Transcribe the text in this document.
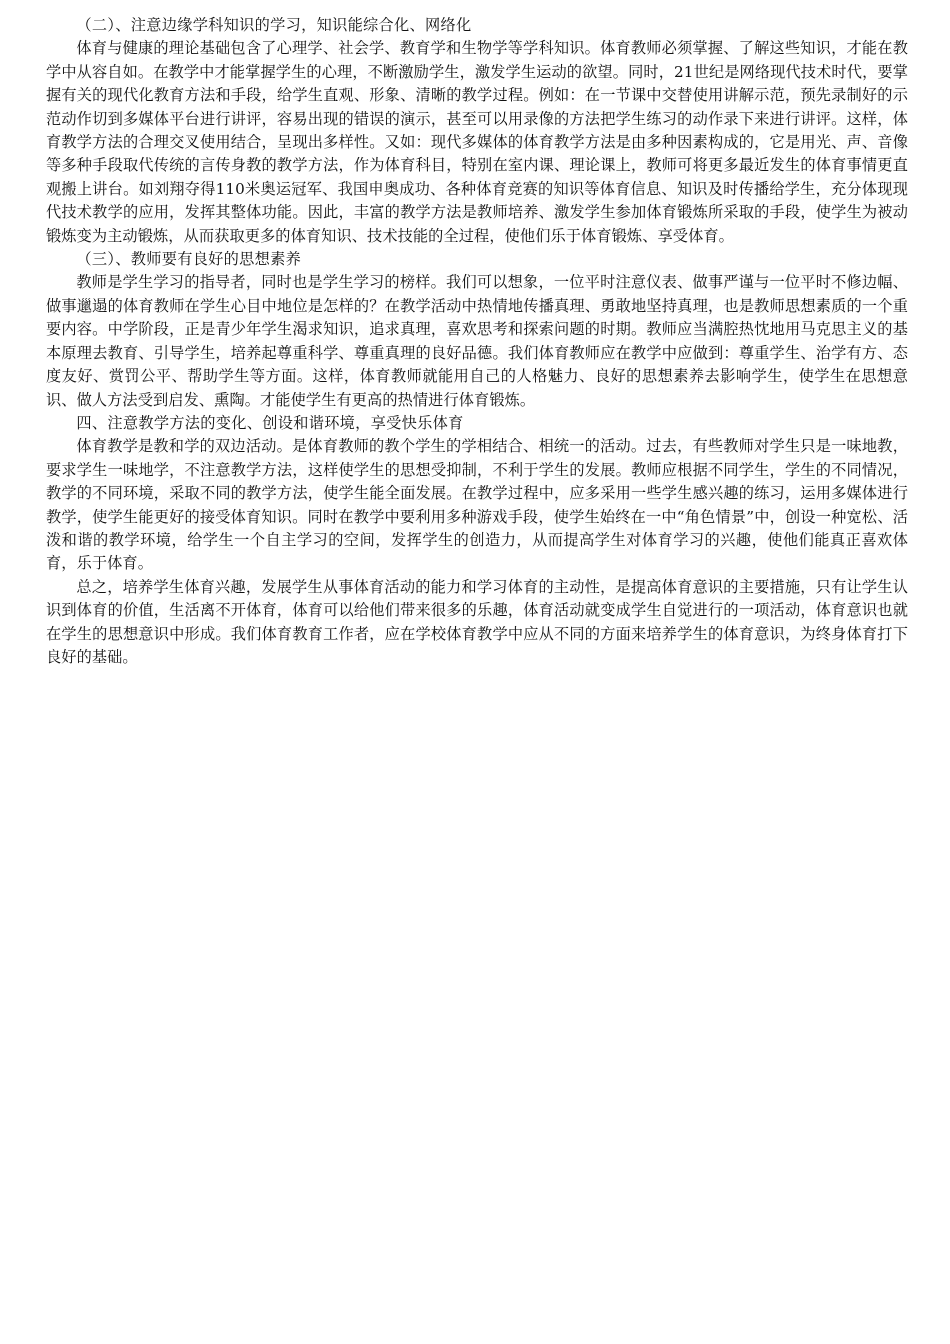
（二）、注意边缘学科知识的学习，知识能综合化、网络化

体育与健康的理论基础包含了心理学、社会学、教育学和生物学等学科知识。体育教师必须掌握、了解这些知识，才能在教学中从容自如。在教学中才能掌握学生的心理，不断激励学生，激发学生运动的欲望。同时，21世纪是网络现代技术时代，要掌握有关的现代化教育方法和手段，给学生直观、形象、清晰的教学过程。例如：在一节课中交替使用讲解示范，预先录制好的示范动作切到多媒体平台进行讲评，容易出现的错误的演示，甚至可以用录像的方法把学生练习的动作录下来进行讲评。这样，体育教学方法的合理交叉使用结合，呈现出多样性。又如：现代多媒体的体育教学方法是由多种因素构成的，它是用光、声、音像等多种手段取代传统的言传身教的教学方法，作为体育科目，特别在室内课、理论课上，教师可将更多最近发生的体育事情更直观搬上讲台。如刘翔夺得110米奥运冠军、我国申奥成功、各种体育竞赛的知识等体育信息、知识及时传播给学生，充分体现现代技术教学的应用，发挥其整体功能。因此，丰富的教学方法是教师培养、激发学生参加体育锻炼所采取的手段，使学生为被动锻炼变为主动锻炼，从而获取更多的体育知识、技术技能的全过程，使他们乐于体育锻炼、享受体育。

（三）、教师要有良好的思想素养

教师是学生学习的指导者，同时也是学生学习的榜样。我们可以想象，一位平时注意仪表、做事严谨与一位平时不修边幅、做事邋遢的体育教师在学生心目中地位是怎样的？在教学活动中热情地传播真理、勇敢地坚持真理，也是教师思想素质的一个重要内容。中学阶段，正是青少年学生渴求知识，追求真理，喜欢思考和探索问题的时期。教师应当满腔热忱地用马克思主义的基本原理去教育、引导学生，培养起尊重科学、尊重真理的良好品德。我们体育教师应在教学中应做到：尊重学生、治学有方、态度友好、赏罚公平、帮助学生等方面。这样，体育教师就能用自己的人格魅力、良好的思想素养去影响学生，使学生在思想意识、做人方法受到启发、熏陶。才能使学生有更高的热情进行体育锻炼。

四、注意教学方法的变化、创设和谐环境，享受快乐体育

体育教学是教和学的双边活动。是体育教师的教个学生的学相结合、相统一的活动。过去，有些教师对学生只是一味地教，要求学生一味地学，不注意教学方法，这样使学生的思想受抑制，不利于学生的发展。教师应根据不同学生，学生的不同情况，教学的不同环境，采取不同的教学方法，使学生能全面发展。在教学过程中，应多采用一些学生感兴趣的练习，运用多媒体进行教学，使学生能更好的接受体育知识。同时在教学中要利用多种游戏手段，使学生始终在一中“角色情景”中，创设一种宽松、活泼和谐的教学环境，给学生一个自主学习的空间，发挥学生的创造力，从而提高学生对体育学习的兴趣，使他们能真正喜欢体育，乐于体育。

总之，培养学生体育兴趣，发展学生从事体育活动的能力和学习体育的主动性，是提高体育意识的主要措施，只有让学生认识到体育的价值，生活离不开体育，体育可以给他们带来很多的乐趣，体育活动就变成学生自觉进行的一项活动，体育意识也就在学生的思想意识中形成。我们体育教育工作者，应在学校体育教学中应从不同的方面来培养学生的体育意识，为终身体育打下良好的基础。
